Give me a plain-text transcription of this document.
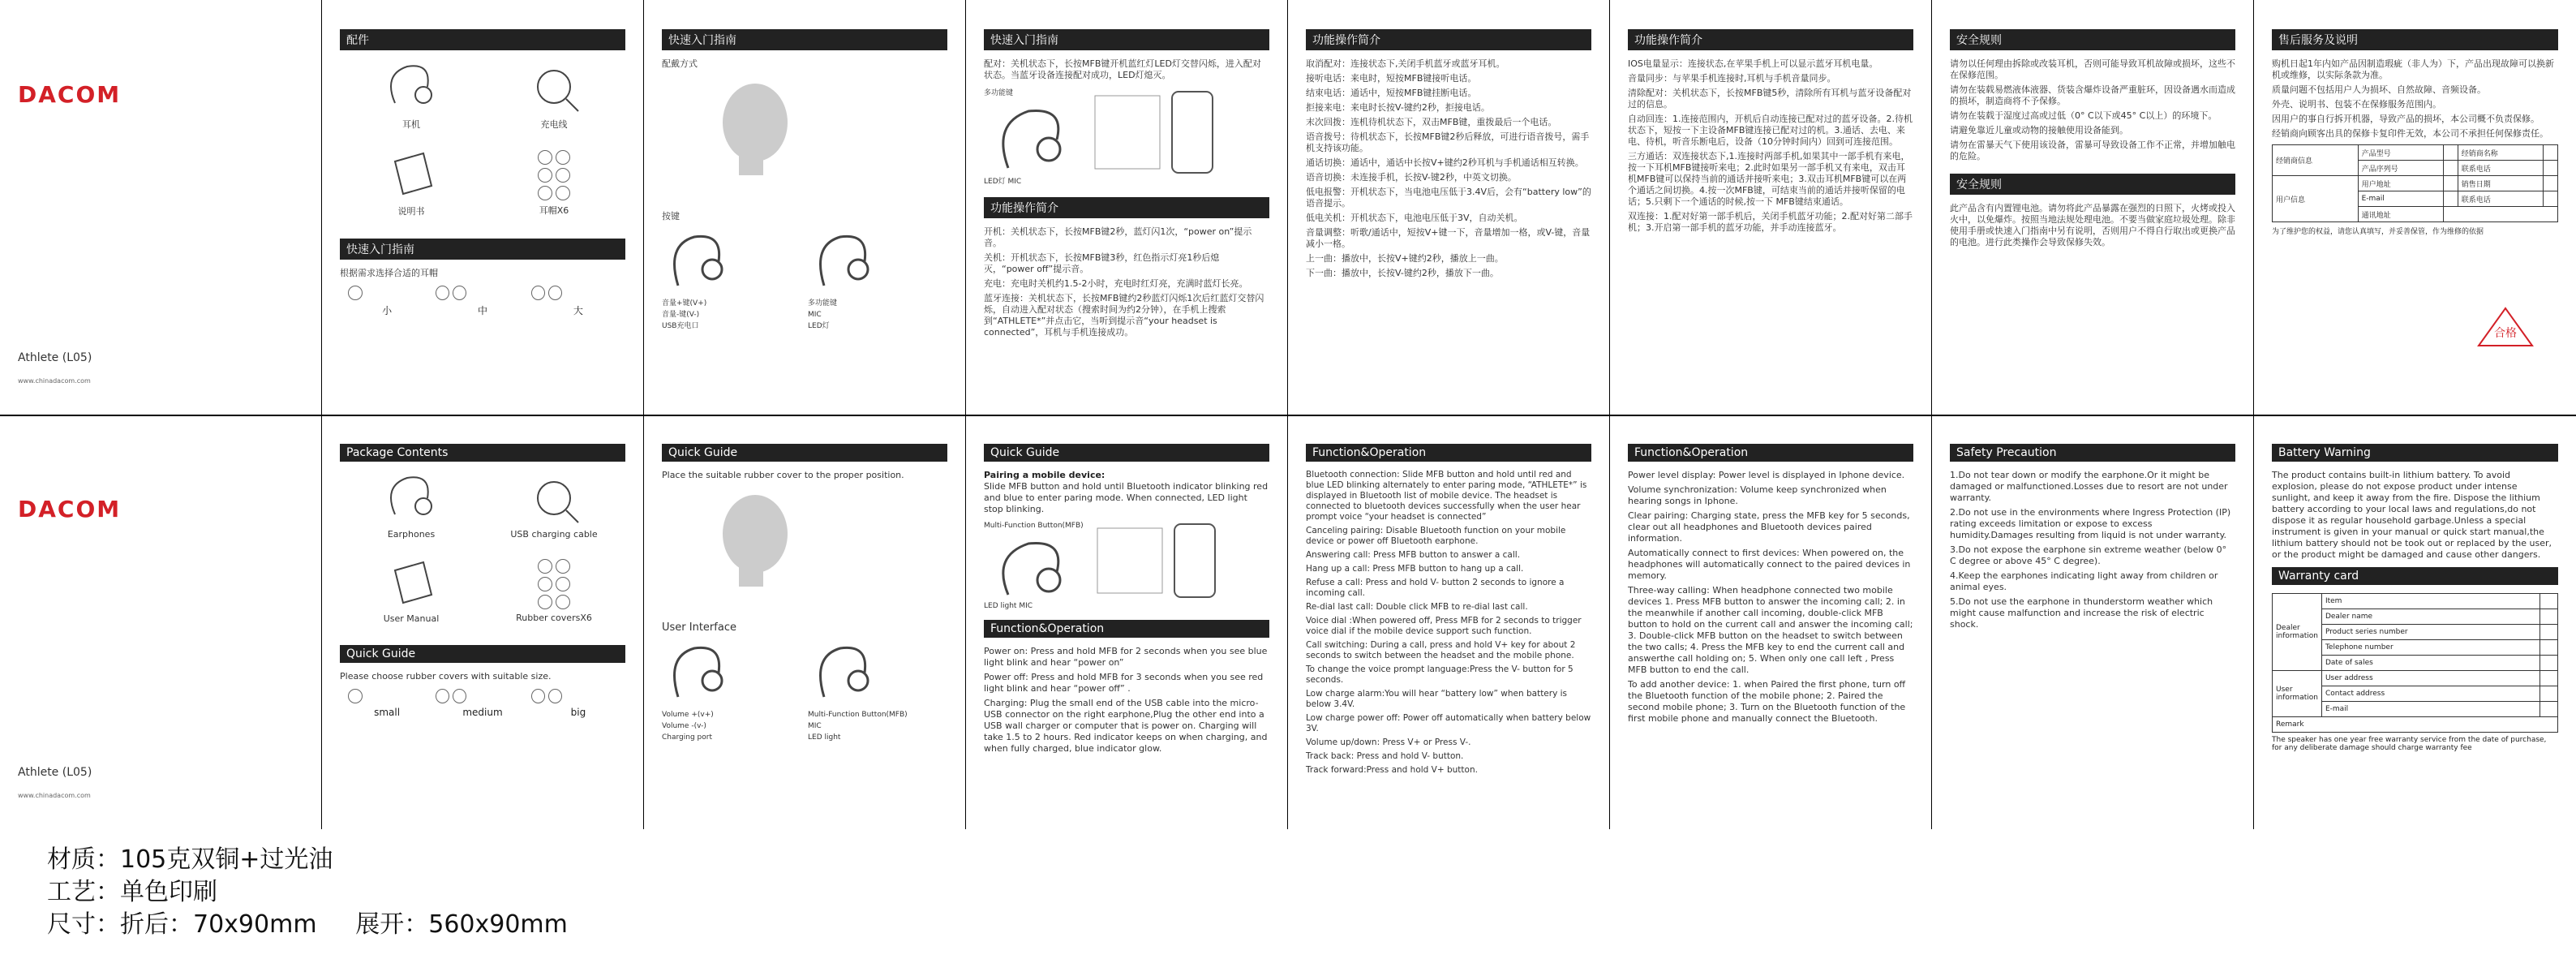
DACOM
Athlete (L05)
www.chinadacom.com
配件
耳机	充电线
说明书	耳帽X6
快速入门指南
根据需求选择合适的耳帽
小	中	大
快速入门指南
配戴方式
按键
音量+键(V+)
音量-键(V-)
USB充电口
多功能键
MIC
LED灯
快速入门指南
配对：关机状态下，长按MFB键开机蓝红灯LED灯交替闪烁，进入配对状态。当蓝牙设备连接配对成功，LED灯熄灭。
多功能键
LED灯 MIC
功能操作简介

开机：关机状态下，长按MFB键2秒，蓝灯闪1次，“power on”提示音。

关机：开机状态下，长按MFB键3秒，红色指示灯亮1秒后熄灭，“power off”提示音。

充电：充电时关机约1.5-2小时，充电时红灯亮，充满时蓝灯长亮。

蓝牙连接：关机状态下，长按MFB键约2秒蓝灯闪烁1次后红蓝灯交替闪烁，自动进入配对状态（搜索时间为约2分钟），在手机上搜索到“ATHLETE*”并点击它，当听到提示音“your headset is connected”，耳机与手机连接成功。

功能操作简介

取消配对：连接状态下,关闭手机蓝牙或蓝牙耳机。

接听电话：来电时，短按MFB键接听电话。

结束电话：通话中，短按MFB键挂断电话。

拒接来电：来电时长按V-键约2秒，拒接电话。

末次回拨：连机待机状态下，双击MFB键，重拨最后一个电话。

语音拨号：待机状态下，长按MFB键2秒后释放，可进行语音拨号，需手机支持该功能。

通话切换：通话中，通话中长按V+键约2秒耳机与手机通话相互转换。

语音切换：未连接手机，长按V-键2秒，中英文切换。

低电报警：开机状态下，当电池电压低于3.4V后，会有“battery low”的语音提示。

低电关机：开机状态下，电池电压低于3V，自动关机。

音量调整：听歌/通话中，短按V+键一下，音量增加一格，或V-键，音量减小一格。

上一曲：播放中，长按V+键约2秒，播放上一曲。

下一曲：播放中，长按V-键约2秒，播放下一曲。

功能操作简介

IOS电量显示：连接状态,在苹果手机上可以显示蓝牙耳机电量。

音量同步：与苹果手机连接时,耳机与手机音量同步。

清除配对：关机状态下，长按MFB键5秒，清除所有耳机与蓝牙设备配对过的信息。

自动回连：1.连接范围内，开机后自动连接已配对过的蓝牙设备。2.待机状态下，短按一下主设备MFB键连接已配对过的机。3.通话、去电、来电、待机，听音乐断电后，设备（10分钟时间内）回到可连接范围。

三方通话：双连接状态下,1.连接时两部手机,如果其中一部手机有来电，按一下耳机MFB键接听来电；2.此时如果另一部手机又有来电，双击耳机MFB键可以保持当前的通话并接听来电；3.双击耳机MFB键可以在两个通话之间切换。4.按一次MFB键，可结束当前的通话并接听保留的电话；5.只剩下一个通话的时候,按一下 MFB键结束通话。

双连接：1.配对好第一部手机后，关闭手机蓝牙功能；2.配对好第二部手机；3.开启第一部手机的蓝牙功能，并手动连接蓝牙。

安全规则

请勿以任何理由拆除或改装耳机，否则可能导致耳机故障或损坏，这些不在保修范围。

请勿在装载易燃液体液器、货装含爆炸设备严重脏环，因设备遇水而造成的损坏，制造商将不予保修。

请勿在装载于湿度过高或过低（0° C以下或45° C以上）的环境下。

请避免靠近儿童或动物的接触使用设备能到。

请勿在雷暴天气下使用该设备，雷暴可导致设备工作不正常，并增加触电的危险。

安全规则
此产品含有内置锂电池。请勿将此产品暴露在强烈的日照下，火烤或投入火中，以免爆炸。按照当地法规处理电池。不要当做家庭垃圾处理。除非使用手册或快速入门指南中另有说明，否则用户不得自行取出或更换产品的电池。进行此类操作会导致保修失效。
售后服务及说明

购机日起1年内如产品因制造瑕疵（非人为）下，产品出现故障可以换新机或维修，以实际条款为准。

质量问题不包括用户人为损坏、自然故障、音频设备。

外壳、说明书、包装不在保修服务范围内。

因用户的事自行拆开机器，导致产品的损坏，本公司概不负责保修。

经销商向顾客出具的保修卡复印件无效，本公司不承担任何保修责任。

经销商信息	产品型号		经销商名称	
	产品序列号		联系电话	
用户信息	用户地址		销售日期	
	E-mail		联系电话	
	通讯地址			
合格
为了维护您的权益，请您认真填写，并妥善保管，作为维修的依据
DACOM
Athlete (L05)
www.chinadacom.com
Package Contents
Earphones	USB charging cable
User Manual	Rubber coversX6
Quick Guide
Please choose rubber covers with suitable size.
small	medium	big
Quick Guide
Place the suitable rubber cover to the proper position.
User Interface
Volume +(v+)
Volume -(v-)
Charging port
Multi-Function Button(MFB)
MIC
LED light
Quick Guide
Pairing a mobile device:
Slide MFB button and hold until Bluetooth indicator blinking red and blue to enter paring mode. When connected, LED light stop blinking.
Multi-Function Button(MFB)
LED light MIC
Function&Operation

Power on: Press and hold MFB for 2 seconds when you see blue light blink and hear “power on”

Power off: Press and hold MFB for 3 seconds when you see red light blink and hear “power off” .

Charging: Plug the small end of the USB cable into the micro-USB connector on the right earphone,Plug the other end into a USB wall charger or computer that is power on. Charging will take 1.5 to 2 hours. Red indicator keeps on when charging, and when fully charged, blue indicator glow.

Function&Operation

Bluetooth connection: Slide MFB button and hold until red and blue LED blinking alternately to enter paring mode, “ATHLETE*” is displayed in Bluetooth list of mobile device. The headset is connected to bluetooth devices successfully when the user hear prompt voice “your headset is connected”

Canceling pairing: Disable Bluetooth function on your mobile device or power off Bluetooth earphone.

Answering call: Press MFB button to answer a call.

Hang up a call: Press MFB button to hang up a call.

Refuse a call: Press and hold V- button 2 seconds to ignore a incoming call.

Re-dial last call: Double click MFB to re-dial last call.

Voice dial :When powered off, Press MFB for 2 seconds to trigger voice dial if the mobile device support such function.

Call switching: During a call, press and hold V+ key for about 2 seconds to switch between the headset and the mobile phone.

To change the voice prompt language:Press the V- button for 5 seconds.

Low charge alarm:You will hear “battery low” when battery is below 3.4V.

Low charge power off: Power off automatically when battery below 3V.

Volume up/down: Press V+ or Press V-.

Track back: Press and hold V- button.

Track forward:Press and hold V+ button.

Function&Operation

Power level display: Power level is displayed in Iphone device.

Volume synchronization: Volume keep synchronized when hearing songs in Iphone.

Clear pairing: Charging state, press the MFB key for 5 seconds, clear out all headphones and Bluetooth devices paired information.

Automatically connect to first devices: When powered on, the headphones will automatically connect to the paired devices in memory.

Three-way calling: When headphone connected two mobile devices 1. Press MFB button to answer the incoming call; 2. in the meanwhile if another call incoming, double-click MFB button to hold on the current call and answer the incoming call; 3. Double-click MFB button on the headset to switch between the two calls; 4. Press the MFB key to end the current call and answerthe call holding on; 5. When only one call left , Press MFB button to end the call.

To add another device: 1. when Paired the first phone, turn off the Bluetooth function of the mobile phone; 2. Paired the second mobile phone; 3. Turn on the Bluetooth function of the first mobile phone and manually connect the Bluetooth.

Safety Precaution

1.Do not tear down or modify the earphone.Or it might be damaged or malfunctioned.Losses due to resort are not under warranty.

2.Do not use in the environments where Ingress Protection (IP) rating exceeds limitation or expose to excess humidity.Damages resulting from liquid is not under warranty.

3.Do not expose the earphone sin extreme weather (below 0° C degree or above 45° C degree).

4.Keep the earphones indicating light away from children or animal eyes.

5.Do not use the earphone in thunderstorm weather which might cause malfunction and increase the risk of electric shock.

Battery Warning
The product contains built-in lithium battery. To avoid explosion, please do not expose product under intense sunlight, and keep it away from the fire. Dispose the lithium battery according to your local laws and regulations,do not dispose it as regular household garbage.Unless a special instrument is given in your manual or quick start manual,the lithium battery should not be took out or replaced by the user, or the product might be damaged and cause other dangers.
Warranty card
Dealer information	Item	
	Dealer name	
	Product series number	
	Telephone number	
	Date of sales	
User information	User address	
	Contact address	
	E-mail	
Remark		
The speaker has one year free warranty service from the date of purchase, for any deliberate damage should charge warranty fee
材质：105克双铜+过光油
工艺：单色印刷
尺寸：折后：70x90mm     展开：560x90mm
